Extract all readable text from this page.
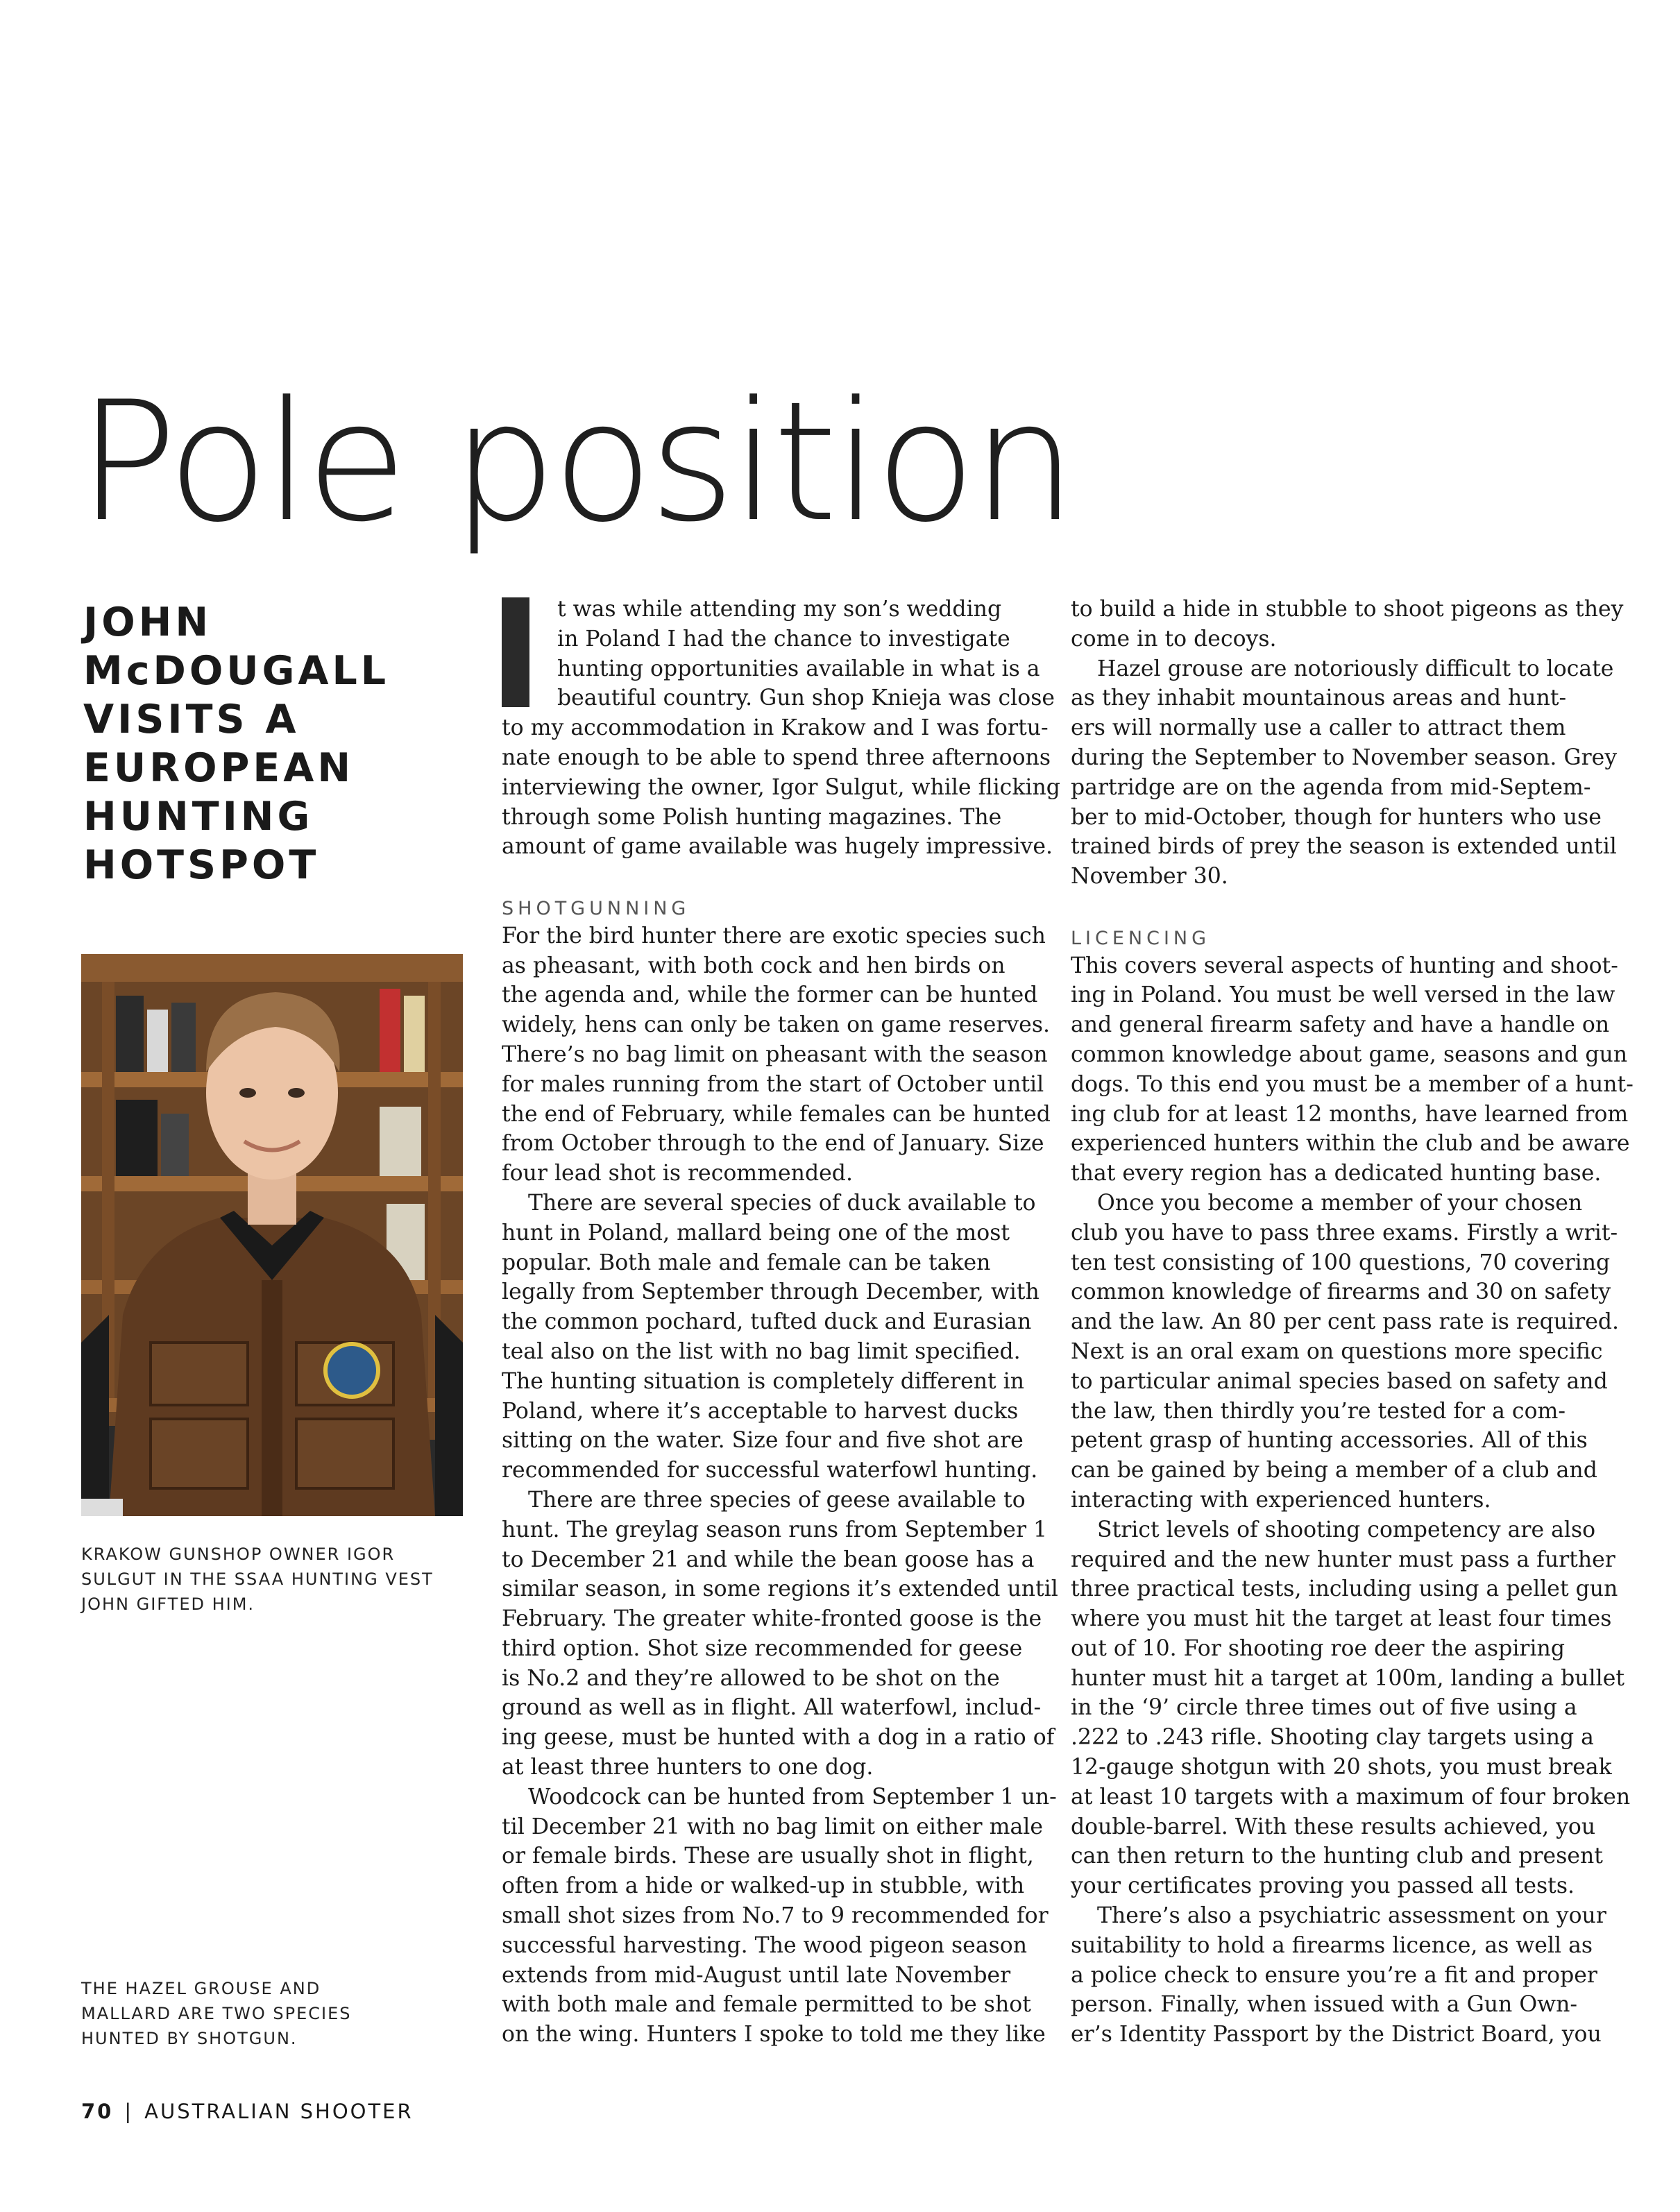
Pole position
JOHN
McDOUGALL
VISITS A
EUROPEAN
HUNTING
HOTSPOT
KRAKOW GUNSHOP OWNER IGOR
SULGUT IN THE SSAA HUNTING VEST
JOHN GIFTED HIM.
THE HAZEL GROUSE AND
MALLARD ARE TWO SPECIES
HUNTED BY SHOTGUN.
t was while attending my son’s wedding
in Poland I had the chance to investigate
hunting opportunities available in what is a
beautiful country. Gun shop Knieja was close
to my accommodation in Krakow and I was fortu-
nate enough to be able to spend three afternoons
interviewing the owner, Igor Sulgut, while flicking
through some Polish hunting magazines. The
amount of game available was hugely impressive.
SHOTGUNNING
For the bird hunter there are exotic species such
as pheasant, with both cock and hen birds on
the agenda and, while the former can be hunted
widely, hens can only be taken on game reserves.
There’s no bag limit on pheasant with the season
for males running from the start of October until
the end of February, while females can be hunted
from October through to the end of January. Size
four lead shot is recommended.
There are several species of duck available to
hunt in Poland, mallard being one of the most
popular. Both male and female can be taken
legally from September through December, with
the common pochard, tufted duck and Eurasian
teal also on the list with no bag limit specified.
The hunting situation is completely different in
Poland, where it’s acceptable to harvest ducks
sitting on the water. Size four and five shot are
recommended for successful waterfowl hunting.
There are three species of geese available to
hunt. The greylag season runs from September 1
to December 21 and while the bean goose has a
similar season, in some regions it’s extended until
February. The greater white-fronted goose is the
third option. Shot size recommended for geese
is No.2 and they’re allowed to be shot on the
ground as well as in flight. All waterfowl, includ-
ing geese, must be hunted with a dog in a ratio of
at least three hunters to one dog.
Woodcock can be hunted from September 1 un-
til December 21 with no bag limit on either male
or female birds. These are usually shot in flight,
often from a hide or walked-up in stubble, with
small shot sizes from No.7 to 9 recommended for
successful harvesting. The wood pigeon season
extends from mid-August until late November
with both male and female permitted to be shot
on the wing. Hunters I spoke to told me they like
to build a hide in stubble to shoot pigeons as they
come in to decoys.
Hazel grouse are notoriously difficult to locate
as they inhabit mountainous areas and hunt-
ers will normally use a caller to attract them
during the September to November season. Grey
partridge are on the agenda from mid-Septem-
ber to mid-October, though for hunters who use
trained birds of prey the season is extended until
November 30.
LICENCING
This covers several aspects of hunting and shoot-
ing in Poland. You must be well versed in the law
and general firearm safety and have a handle on
common knowledge about game, seasons and gun
dogs. To this end you must be a member of a hunt-
ing club for at least 12 months, have learned from
experienced hunters within the club and be aware
that every region has a dedicated hunting base.
Once you become a member of your chosen
club you have to pass three exams. Firstly a writ-
ten test consisting of 100 questions, 70 covering
common knowledge of firearms and 30 on safety
and the law. An 80 per cent pass rate is required.
Next is an oral exam on questions more specific
to particular animal species based on safety and
the law, then thirdly you’re tested for a com-
petent grasp of hunting accessories. All of this
can be gained by being a member of a club and
interacting with experienced hunters.
Strict levels of shooting competency are also
required and the new hunter must pass a further
three practical tests, including using a pellet gun
where you must hit the target at least four times
out of 10. For shooting roe deer the aspiring
hunter must hit a target at 100m, landing a bullet
in the ‘9’ circle three times out of five using a
.222 to .243 rifle. Shooting clay targets using a
12-gauge shotgun with 20 shots, you must break
at least 10 targets with a maximum of four broken
double-barrel. With these results achieved, you
can then return to the hunting club and present
your certificates proving you passed all tests.
There’s also a psychiatric assessment on your
suitability to hold a firearms licence, as well as
a police check to ensure you’re a fit and proper
person. Finally, when issued with a Gun Own-
er’s Identity Passport by the District Board, you
70 | AUSTRALIAN SHOOTER
